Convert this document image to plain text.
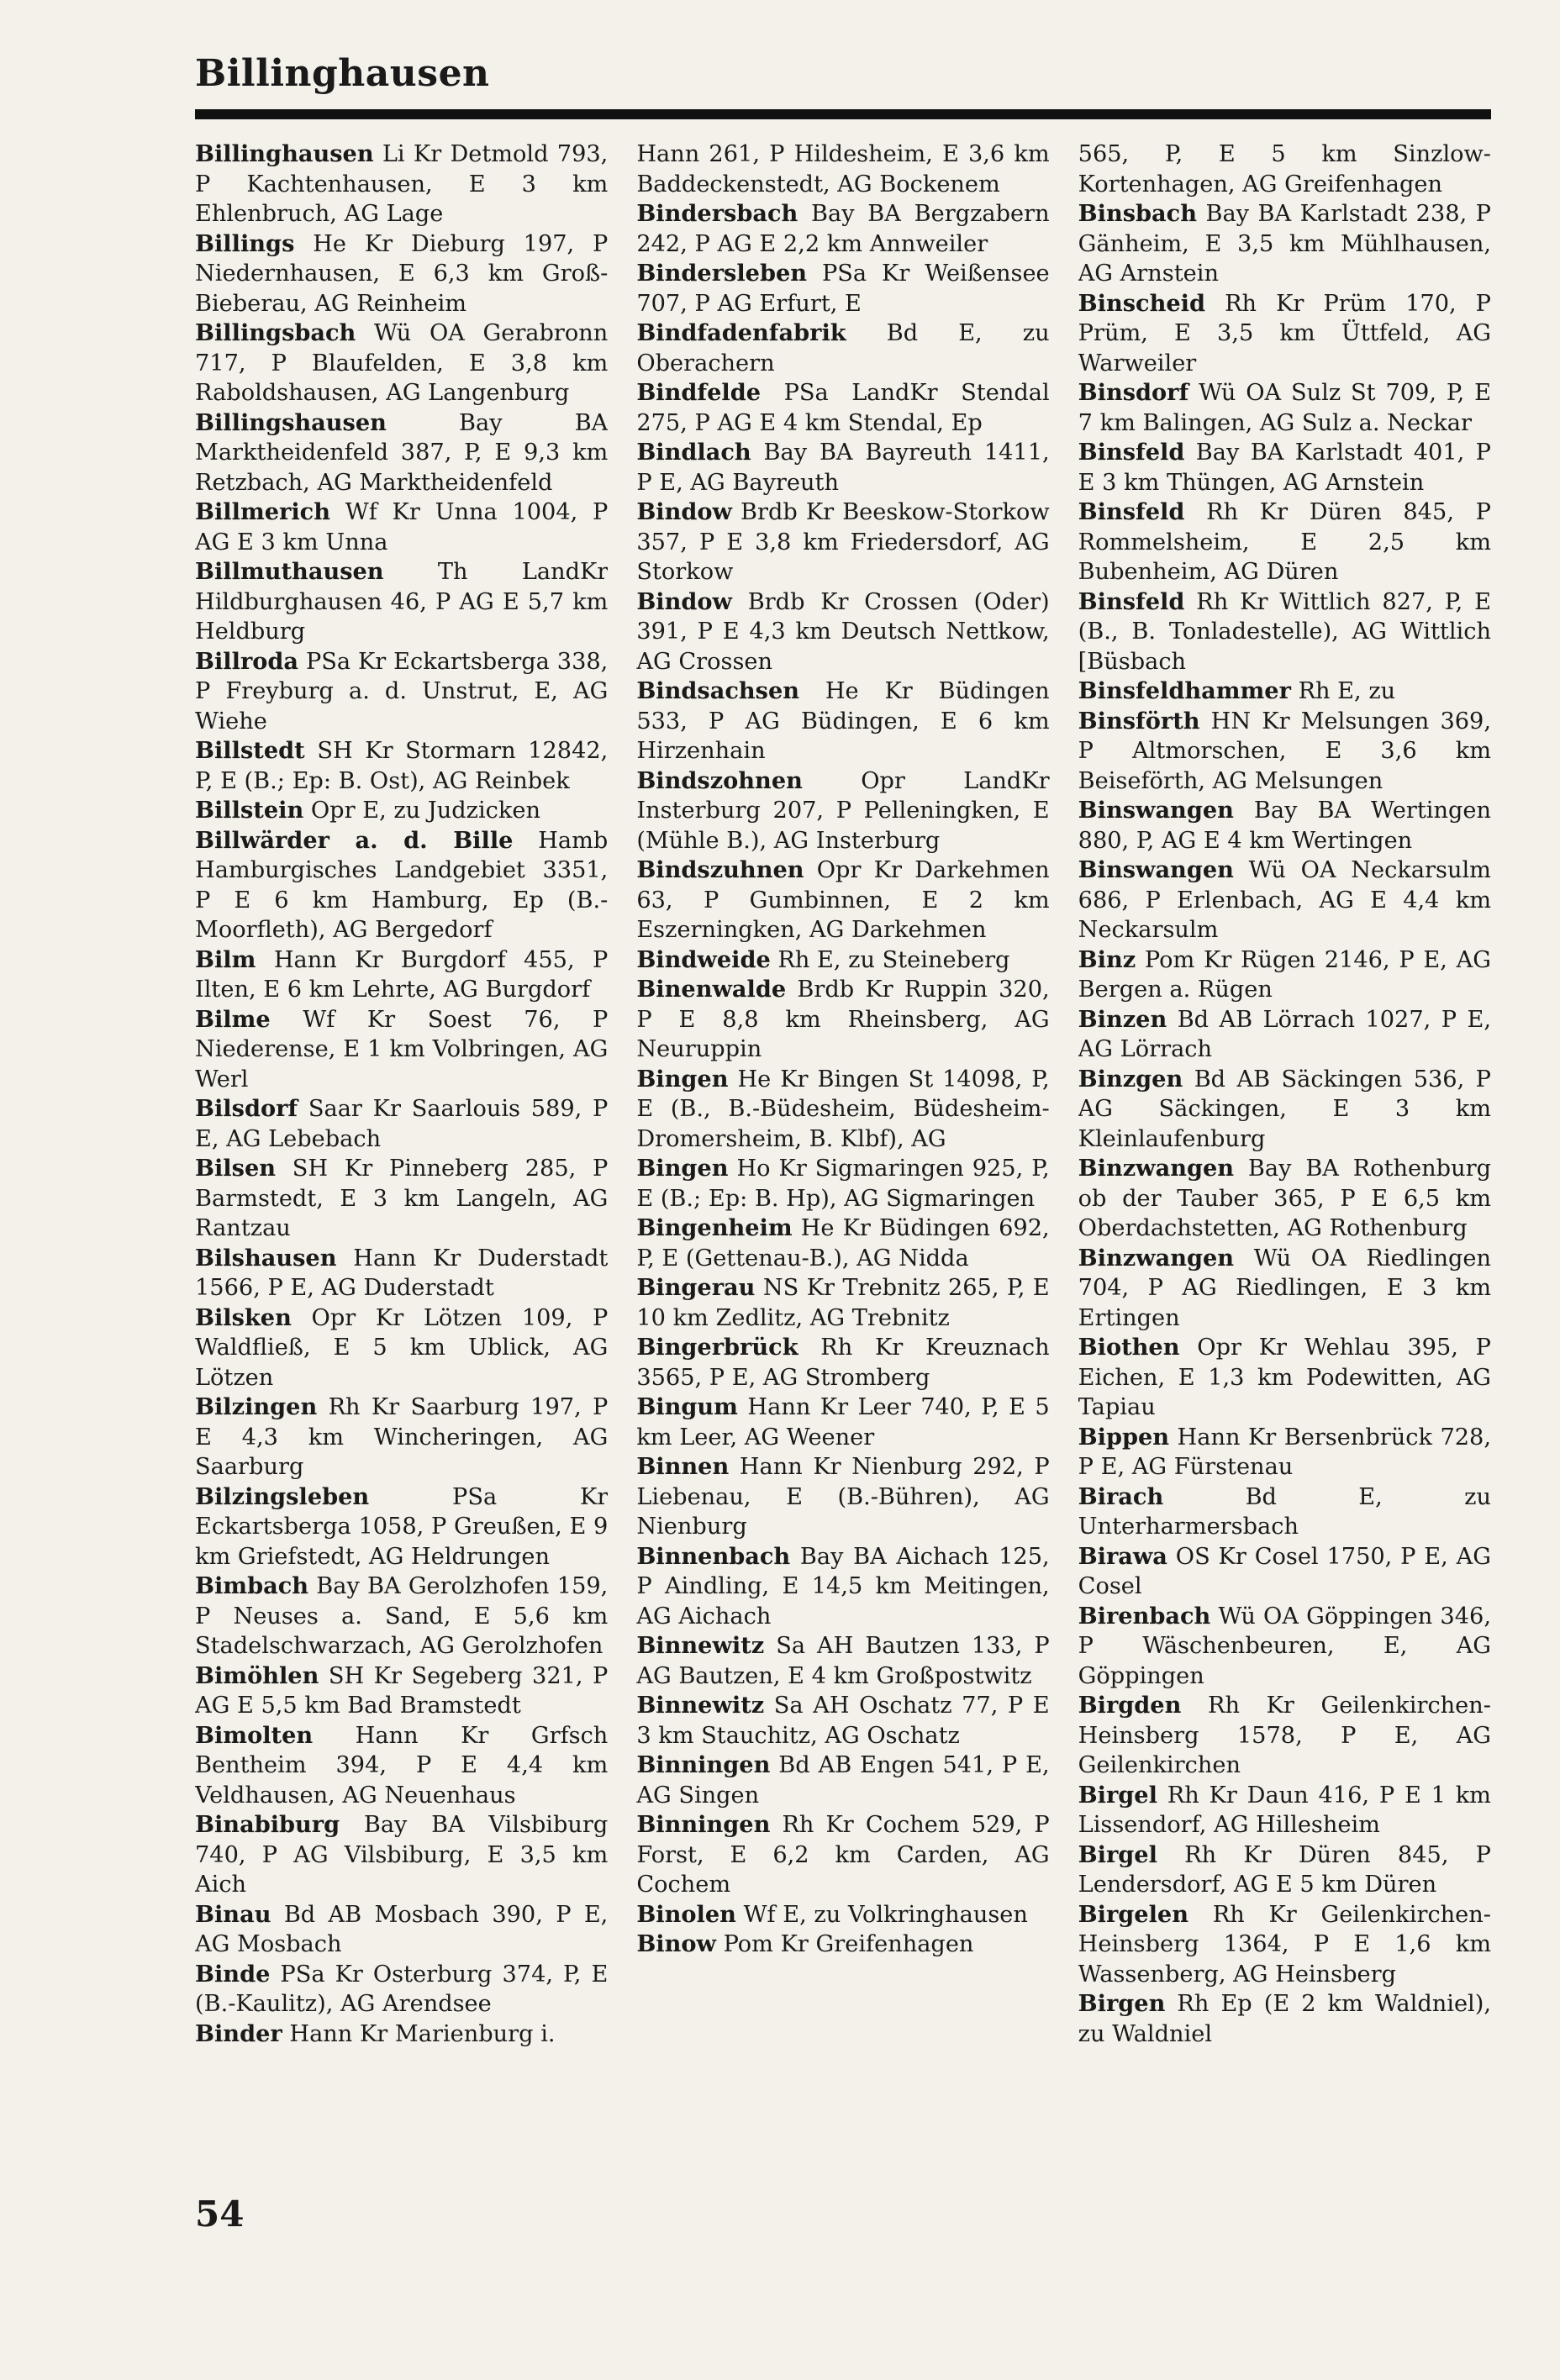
Billinghausen

Billinghausen Li Kr Detmold 793, P Kachtenhausen, E 3 km Ehlenbruch, AG Lage

Billings He Kr Dieburg 197, P Niedernhausen, E 6,3 km Groß-Bieberau, AG Reinheim

Billingsbach Wü OA Gerabronn 717, P Blaufelden, E 3,8 km Raboldshausen, AG Langenburg

Billingshausen	Bay BA Marktheidenfeld 387, P, E 9,3 km Retzbach, AG Marktheidenfeld

Billmerich Wf Kr Unna 1004, P AG E 3 km Unna

Billmuthausen Th LandKr Hildburghausen 46, P AG E 5,7 km Heldburg

Billroda PSa Kr Eckartsberga 338, P Freyburg a. d. Unstrut, E, AG Wiehe

Billstedt SH Kr Stormarn 12842, P, E (B.; Ep: B. Ost), AG Reinbek

Billstein Opr E, zu Judzicken

Billwärder a. d. Bille Hamb Hamburgisches Landgebiet 3351, P E 6 km Hamburg, Ep (B.-Moorfleth), AG Bergedorf

Bilm Hann Kr Burgdorf 455, P Ilten, E 6 km Lehrte, AG Burgdorf

Bilme Wf Kr Soest 76, P Niederense, E 1 km Volbringen, AG Werl

Bilsdorf Saar Kr Saarlouis 589, P E, AG Lebebach

Bilsen SH Kr Pinneberg 285, P Barmstedt, E 3 km Langeln, AG Rantzau

Bilshausen Hann Kr Duderstadt 1566, P E, AG Duderstadt

Bilsken Opr Kr Lötzen 109, P Waldfließ, E 5 km Ublick, AG Lötzen

Bilzingen Rh Kr Saarburg 197, P E 4,3 km Wincheringen, AG Saarburg

Bilzingsleben	PSa Kr Eckartsberga 1058, P Greußen, E 9 km Griefstedt, AG Heldrungen

Bimbach Bay BA Gerolzhofen 159, P Neuses a. Sand, E 5,6 km Stadelschwarzach, AG Gerolzhofen

Bimöhlen SH Kr Segeberg 321, P AG E 5,5 km Bad Bramstedt

Bimolten Hann Kr Grfsch Bentheim 394, P E 4,4 km Veldhausen, AG Neuenhaus

Binabiburg Bay BA Vilsbiburg 740, P AG Vilsbiburg, E 3,5 km Aich

Binau Bd AB Mosbach 390, P E, AG Mosbach

Binde PSa Kr Osterburg 374, P, E (B.-Kaulitz), AG Arendsee

Binder Hann Kr Marienburg i.

Hann 261, P Hildesheim, E 3,6 km Baddeckenstedt, AG Bockenem

Bindersbach Bay BA Bergzabern 242, P AG E 2,2 km Annweiler

Bindersleben PSa Kr Weißensee 707, P AG Erfurt, E

Bindfadenfabrik Bd E, zu Oberachern

Bindfelde PSa LandKr Stendal 275, P AG E 4 km Stendal, Ep

Bindlach Bay BA Bayreuth 1411, P E, AG Bayreuth

Bindow Brdb Kr Beeskow-Storkow 357, P E 3,8 km Friedersdorf, AG Storkow

Bindow Brdb Kr Crossen (Oder) 391, P E 4,3 km Deutsch Nettkow, AG Crossen

Bindsachsen He Kr Büdingen 533, P AG Büdingen, E 6 km Hirzenhain

Bindszohnen	Opr LandKr Insterburg 207, P Pelleningken, E (Mühle B.), AG Insterburg

Bindszuhnen Opr Kr Darkehmen 63, P Gumbinnen, E 2 km Eszerningken, AG Darkehmen

Bindweide Rh E, zu Steineberg

Binenwalde Brdb Kr Ruppin 320, P E 8,8 km Rheinsberg, AG Neuruppin

Bingen He Kr Bingen St 14098, P, E (B., B.-Büdesheim, Büdesheim-Dromersheim, B. Klbf), AG

Bingen Ho Kr Sigmaringen 925, P, E (B.; Ep: B. Hp), AG Sigmaringen

Bingenheim He Kr Büdingen 692, P, E (Gettenau-B.), AG Nidda

Bingerau NS Kr Trebnitz 265, P, E 10 km Zedlitz, AG Trebnitz

Bingerbrück Rh Kr Kreuznach 3565, P E, AG Stromberg

Bingum Hann Kr Leer 740, P, E 5 km Leer, AG Weener

Binnen Hann Kr Nienburg 292, P Liebenau, E (B.-Bühren), AG Nienburg

Binnenbach Bay BA Aichach 125, P Aindling, E 14,5 km Meitingen, AG Aichach

Binnewitz Sa AH Bautzen 133, P AG Bautzen, E 4 km Großpostwitz

Binnewitz Sa AH Oschatz 77, P E 3 km Stauchitz, AG Oschatz

Binningen Bd AB Engen 541, P E, AG Singen

Binningen Rh Kr Cochem 529, P Forst, E 6,2 km Carden, AG Cochem

Binolen Wf E, zu Volkringhausen

Binow Pom Kr Greifenhagen

565, P, E 5 km Sinzlow-Kortenhagen, AG Greifenhagen

Binsbach Bay BA Karlstadt 238, P Gänheim, E 3,5 km Mühlhausen, AG Arnstein

Binscheid Rh Kr Prüm 170, P Prüm, E 3,5 km Üttfeld, AG Warweiler

Binsdorf Wü OA Sulz St 709, P, E 7 km Balingen, AG Sulz a. Neckar

Binsfeld Bay BA Karlstadt 401, P E 3 km Thüngen, AG Arnstein

Binsfeld Rh Kr Düren 845, P Rommelsheim, E 2,5 km Bubenheim, AG Düren

Binsfeld Rh Kr Wittlich 827, P, E (B., B. Tonladestelle), AG Wittlich [Büsbach

Binsfeldhammer Rh E, zu

Binsförth HN Kr Melsungen 369, P Altmorschen, E 3,6 km Beiseförth, AG Melsungen

Binswangen Bay BA Wertingen 880, P, AG E 4 km Wertingen

Binswangen Wü OA Neckarsulm 686, P Erlenbach, AG E 4,4 km Neckarsulm

Binz Pom Kr Rügen 2146, P E, AG Bergen a. Rügen

Binzen Bd AB Lörrach 1027, P E, AG Lörrach

Binzgen Bd AB Säckingen 536, P AG Säckingen, E 3 km Kleinlaufenburg

Binzwangen Bay BA Rothenburg ob der Tauber 365, P E 6,5 km Oberdachstetten, AG Rothenburg

Binzwangen Wü OA Riedlingen 704, P AG Riedlingen, E 3 km Ertingen

Biothen Opr Kr Wehlau 395, P Eichen, E 1,3 km Podewitten, AG Tapiau

Bippen Hann Kr Bersenbrück 728, P E, AG Fürstenau

Birach	Bd E, zu Unterharmersbach

Birawa OS Kr Cosel 1750, P E, AG Cosel

Birenbach Wü OA Göppingen 346, P Wäschenbeuren, E, AG Göppingen

Birgden Rh Kr Geilenkirchen-Heinsberg 1578, P E, AG Geilenkirchen

Birgel Rh Kr Daun 416, P E 1 km Lissendorf, AG Hillesheim

Birgel Rh Kr Düren 845, P Lendersdorf, AG E 5 km Düren

Birgelen Rh Kr Geilenkirchen-Heinsberg 1364, P E 1,6 km Wassenberg, AG Heinsberg

Birgen Rh Ep (E 2 km Waldniel), zu Waldniel

54
